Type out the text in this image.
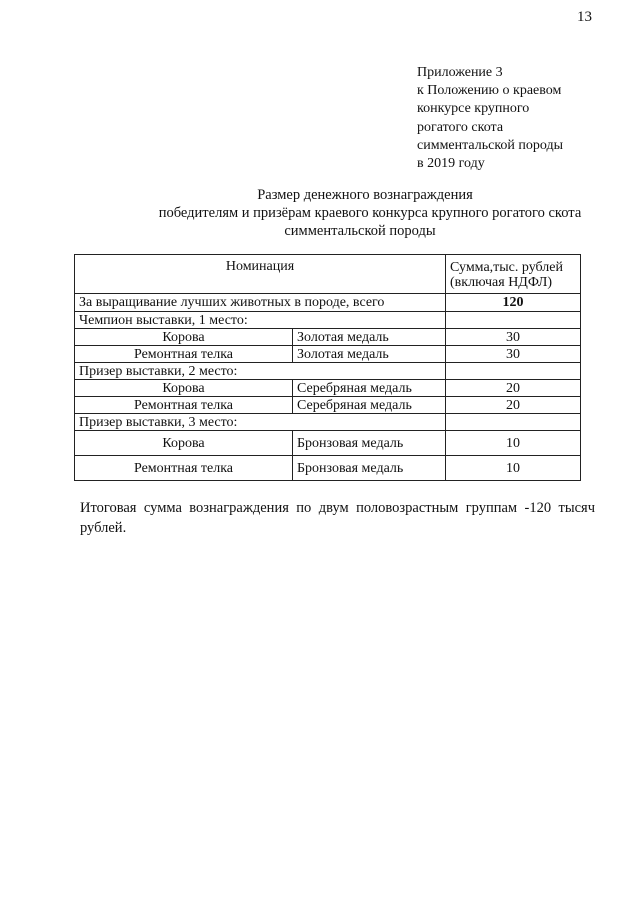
13
Приложение 3
к Положению о краевом
конкурсе крупного
рогатого скота
симментальской породы
в 2019 году
Размер денежного вознаграждения
победителям и призёрам краевого конкурса крупного рогатого скота
симментальской породы
Номинация		Сумма,тыс. рублей
(включая НДФЛ)

За выращивание лучших животных в породе, всего		120
Чемпион выставки, 1 место:		
Корова	Золотая медаль	30
Ремонтная телка	Золотая медаль	30
Призер выставки, 2 место:		
Корова	Серебряная медаль	20
Ремонтная телка	Серебряная медаль	20
Призер выставки, 3 место:		
Корова	Бронзовая медаль	10
Ремонтная телка	Бронзовая медаль	10
Итоговая сумма вознаграждения по двум половозрастным группам -120 тысяч рублей.
